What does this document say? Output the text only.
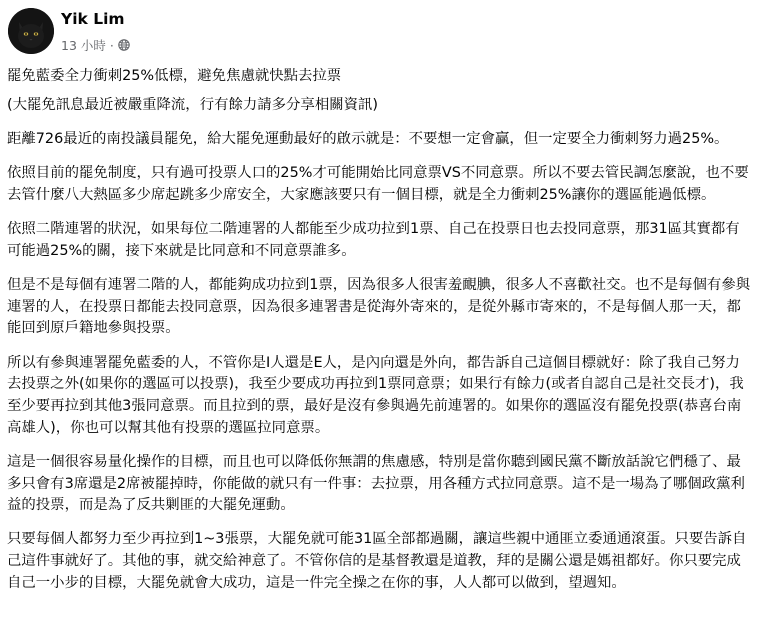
Yik Lim
13 小時 ·

罷免藍委全力衝刺25%低標，避免焦慮就快點去拉票

(大罷免訊息最近被嚴重降流，行有餘力請多分享相關資訊)

距離726最近的南投議員罷免，給大罷免運動最好的啟示就是：不要想一定會贏，但一定要全力衝刺努力過25%。

依照目前的罷免制度，只有過可投票人口的25%才可能開始比同意票VS不同意票。所以不要去管民調怎麼說，也不要去管什麼八大熱區多少席起跳多少席安全，大家應該要只有一個目標，就是全力衝刺25%讓你的選區能過低標。

依照二階連署的狀況，如果每位二階連署的人都能至少成功拉到1票、自己在投票日也去投同意票，那31區其實都有可能過25%的關，接下來就是比同意和不同意票誰多。

但是不是每個有連署二階的人，都能夠成功拉到1票，因為很多人很害羞靦腆，很多人不喜歡社交。也不是每個有參與連署的人，在投票日都能去投同意票，因為很多連署書是從海外寄來的，是從外縣市寄來的，不是每個人那一天，都能回到原戶籍地參與投票。

所以有參與連署罷免藍委的人，不管你是I人還是E人，是內向還是外向，都告訴自己這個目標就好：除了我自己努力去投票之外(如果你的選區可以投票)，我至少要成功再拉到1票同意票；如果行有餘力(或者自認自己是社交長才)，我至少要再拉到其他3張同意票。而且拉到的票，最好是沒有參與過先前連署的。如果你的選區沒有罷免投票(恭喜台南高雄人)，你也可以幫其他有投票的選區拉同意票。

這是一個很容易量化操作的目標，而且也可以降低你無謂的焦慮感，特別是當你聽到國民黨不斷放話說它們穩了、最多只會有3席還是2席被罷掉時，你能做的就只有一件事：去拉票，用各種方式拉同意票。這不是一場為了哪個政黨利益的投票，而是為了反共剿匪的大罷免運動。

只要每個人都努力至少再拉到1~3張票，大罷免就可能31區全部都過關，讓這些親中通匪立委通通滾蛋。只要告訴自己這件事就好了。其他的事，就交給神意了。不管你信的是基督教還是道教，拜的是關公還是媽祖都好。你只要完成自己一小步的目標，大罷免就會大成功，這是一件完全操之在你的事，人人都可以做到，望週知。
